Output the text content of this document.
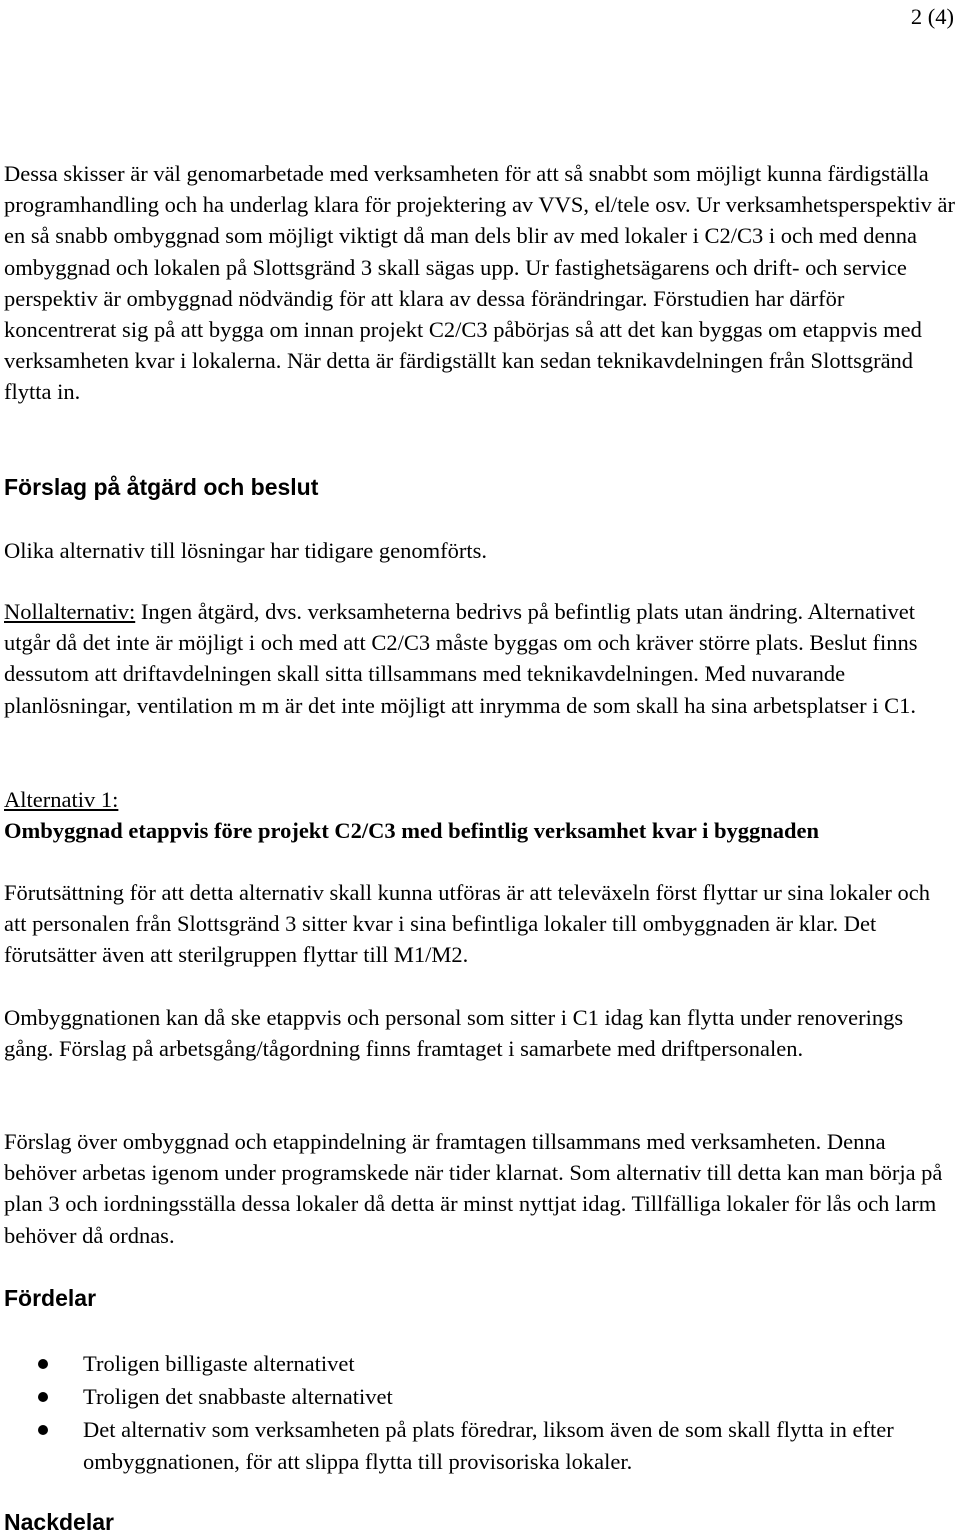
2 (4)

Dessa skisser är väl genomarbetade med verksamheten för att så snabbt som möjligt kunna färdigställa programhandling och ha underlag klara för projektering av VVS, el/tele osv. Ur verksamhetsperspektiv är en så snabb ombyggnad som möjligt viktigt då man dels blir av med lokaler i C2/C3 i och med denna ombyggnad och lokalen på Slottsgränd 3 skall sägas upp. Ur fastighetsägarens och drift- och service perspektiv är ombyggnad nödvändig för att klara av dessa förändringar. Förstudien har därför koncentrerat sig på att bygga om innan projekt C2/C3 påbörjas så att det kan byggas om etappvis med verksamheten kvar i lokalerna. När detta är färdigställt kan sedan teknikavdelningen från Slottsgränd flytta in.

Förslag på åtgärd och beslut

Olika alternativ till lösningar har tidigare genomförts.

Nollalternativ: Ingen åtgärd, dvs. verksamheterna bedrivs på befintlig plats utan ändring. Alternativet utgår då det inte är möjligt i och med att C2/C3 måste byggas om och kräver större plats. Beslut finns dessutom att driftavdelningen skall sitta tillsammans med teknikavdelningen. Med nuvarande planlösningar, ventilation m m är det inte möjligt att inrymma de som skall ha sina arbetsplatser i C1.

Alternativ 1:
Ombyggnad etappvis före projekt C2/C3 med befintlig verksamhet kvar i byggnaden

Förutsättning för att detta alternativ skall kunna utföras är att televäxeln först flyttar ur sina lokaler och att personalen från Slottsgränd 3 sitter kvar i sina befintliga lokaler till ombyggnaden är klar. Det förutsätter även att sterilgruppen flyttar till M1/M2.

Ombyggnationen kan då ske etappvis och personal som sitter i C1 idag kan flytta under renoverings gång. Förslag på arbetsgång/tågordning finns framtaget i samarbete med driftpersonalen.

Förslag över ombyggnad och etappindelning är framtagen tillsammans med verksamheten. Denna behöver arbetas igenom under programskede när tider klarnat. Som alternativ till detta kan man börja på plan 3 och iordningsställa dessa lokaler då detta är minst nyttjat idag. Tillfälliga lokaler för lås och larm behöver då ordnas.

Fördelar
Troligen billigaste alternativet
Troligen det snabbaste alternativet
Det alternativ som verksamheten på plats föredrar, liksom även de som skall flytta in efter ombyggnationen, för att slippa flytta till provisoriska lokaler.
Nackdelar
